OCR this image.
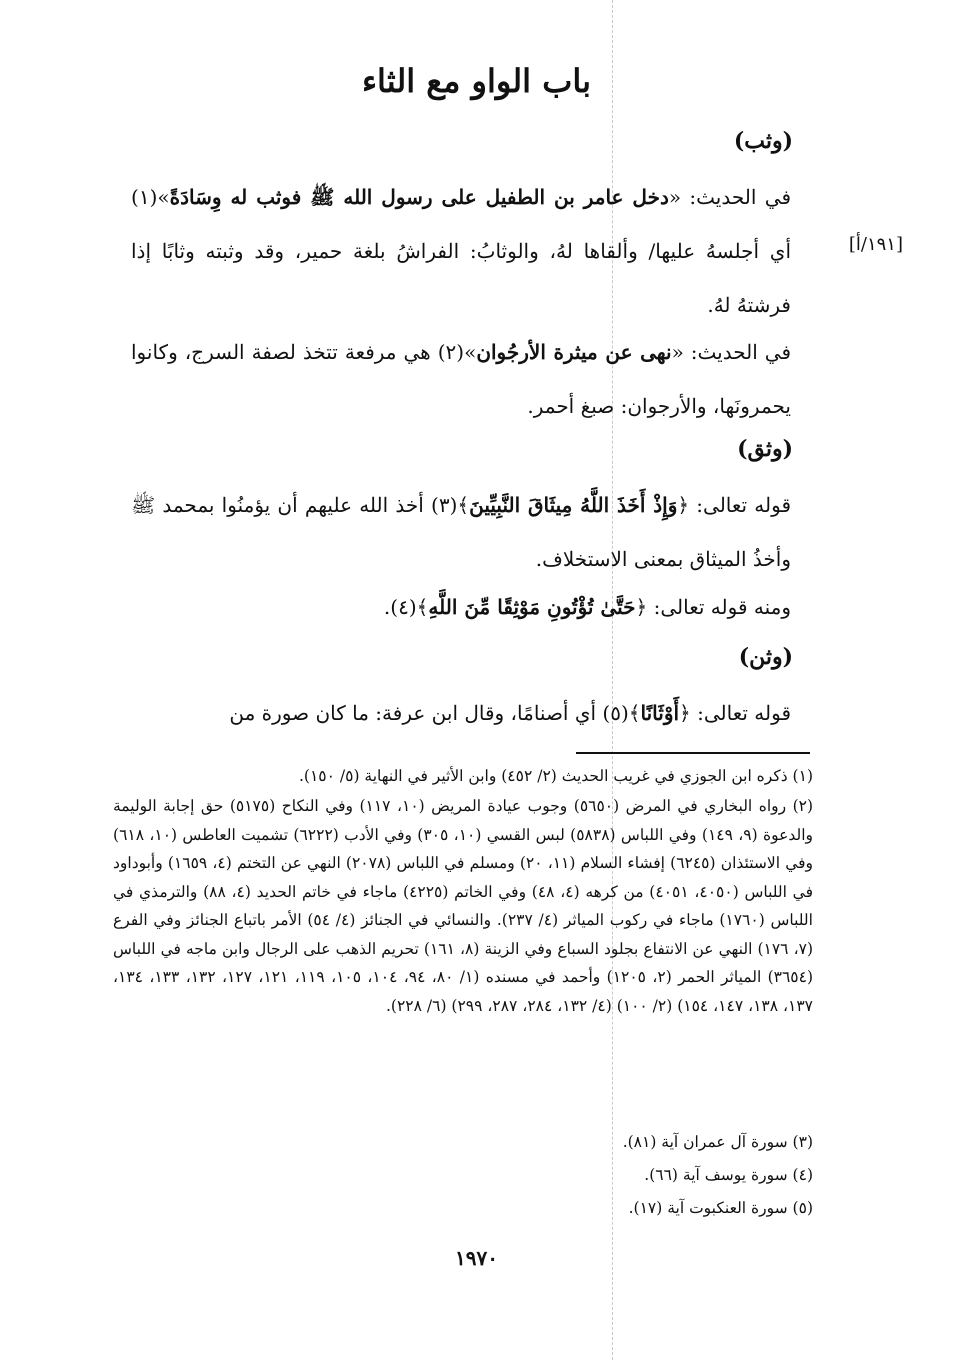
باب الواو مع الثاء
(وثب)
في الحديث: «دخل عامر بن الطفيل على رسول الله ﷺ فوثب له وِسَادَةً»(١) أي أجلسهُ عليها/ وألقاها لهُ، والوثابُ: الفراشُ بلغة حمير، وقد وثبته وثابًا إذا فرشتهُ لهُ.
[١٩١/أ]
في الحديث: «نهى عن ميثرة الأرجُوان»(٢) هي مرفعة تتخذ لصفة السرج، وكانوا يحمرونَها، والأرجوان: صبغ أحمر.
(وثق)
قوله تعالى: ﴿وَإِذْ أَخَذَ اللَّهُ مِيثَاقَ النَّبِيِّينَ﴾(٣) أخذ الله عليهم أن يؤمنُوا بمحمد ﷺ وأخذُ الميثاق بمعنى الاستخلاف.
ومنه قوله تعالى: ﴿حَتَّىٰ تُؤْتُونِ مَوْثِقًا مِّنَ اللَّهِ﴾(٤).
(وثن)
قوله تعالى: ﴿أَوْثَانًا﴾(٥) أي أصنامًا، وقال ابن عرفة: ما كان صورة من
(١) ذكره ابن الجوزي في غريب الحديث (٢/ ٤٥٢) وابن الأثير في النهاية (٥/ ١٥٠).
(٢) رواه البخاري في المرض (٥٦٥٠) وجوب عيادة المريض (١٠، ١١٧) وفي النكاح (٥١٧٥) حق إجابة الوليمة والدعوة (٩، ١٤٩) وفي اللباس (٥٨٣٨) لبس القسي (١٠، ٣٠٥) وفي الأدب (٦٢٢٢) تشميت العاطس (١٠، ٦١٨) وفي الاستئذان (٦٢٤٥) إفشاء السلام (١١، ٢٠) ومسلم في اللباس (٢٠٧٨) النهي عن التختم (٤، ١٦٥٩) وأبوداود في اللباس (٤٠٥٠، ٤٠٥١) من كرهه (٤، ٤٨) وفي الخاتم (٤٢٢٥) ماجاء في خاتم الحديد (٤، ٨٨) والترمذي في اللباس (١٧٦٠) ماجاء في ركوب المياثر (٤/ ٢٣٧). والنسائي في الجنائز (٤/ ٥٤) الأمر باتباع الجنائز وفي الفرع (٧، ١٧٦) النهي عن الانتفاع بجلود السباع وفي الزينة (٨، ١٦١) تحريم الذهب على الرجال وابن ماجه في اللباس (٣٦٥٤) المياثر الحمر (٢، ١٢٠٥) وأحمد في مسنده (١/ ٨٠، ٩٤، ١٠٤، ١٠٥، ١١٩، ١٢١، ١٢٧، ١٣٢، ١٣٣، ١٣٤، ١٣٧، ١٣٨، ١٤٧، ١٥٤) (٢/ ١٠٠) (٤/ ١٣٢، ٢٨٤، ٢٨٧، ٢٩٩) (٦/ ٢٢٨).
(٣) سورة آل عمران آية (٨١).
(٤) سورة يوسف آية (٦٦).
(٥) سورة العنكبوت آية (١٧).
١٩٧٠
